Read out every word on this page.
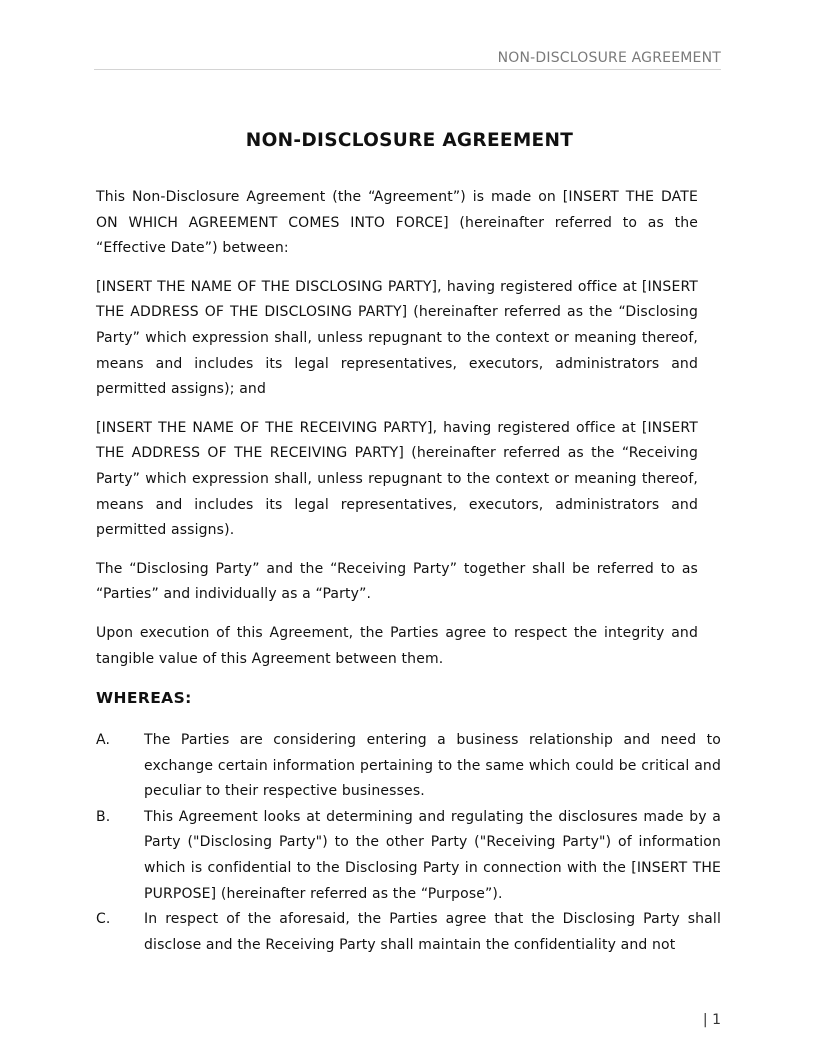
NON-DISCLOSURE AGREEMENT
NON-DISCLOSURE AGREEMENT

This Non-Disclosure Agreement (the “Agreement”) is made on [INSERT THE DATE ON WHICH AGREEMENT COMES INTO FORCE] (hereinafter referred to as the “Effective Date”) between:

[INSERT THE NAME OF THE DISCLOSING PARTY], having registered office at [INSERT THE ADDRESS OF THE DISCLOSING PARTY] (hereinafter referred as the “Disclosing Party” which expression shall, unless repugnant to the context or meaning thereof, means and includes its legal representatives, executors, administrators and permitted assigns); and

[INSERT THE NAME OF THE RECEIVING PARTY], having registered office at [INSERT THE ADDRESS OF THE RECEIVING PARTY] (hereinafter referred as the “Receiving Party” which expression shall, unless repugnant to the context or meaning thereof, means and includes its legal representatives, executors, administrators and permitted assigns).

The “Disclosing Party” and the “Receiving Party” together shall be referred to as “Parties” and individually as a “Party”.

Upon execution of this Agreement, the Parties agree to respect the integrity and tangible value of this Agreement between them.

WHEREAS:
A.	The Parties are considering entering a business relationship and need to exchange certain information pertaining to the same which could be critical and peculiar to their respective businesses.
B.	This Agreement looks at determining and regulating the disclosures made by a Party ("Disclosing Party") to the other Party ("Receiving Party") of information which is confidential to the Disclosing Party in connection with the [INSERT THE PURPOSE] (hereinafter referred as the “Purpose”).
C.	In respect of the aforesaid, the Parties agree that the Disclosing Party shall disclose and the Receiving Party shall maintain the confidentiality and not
| 1
